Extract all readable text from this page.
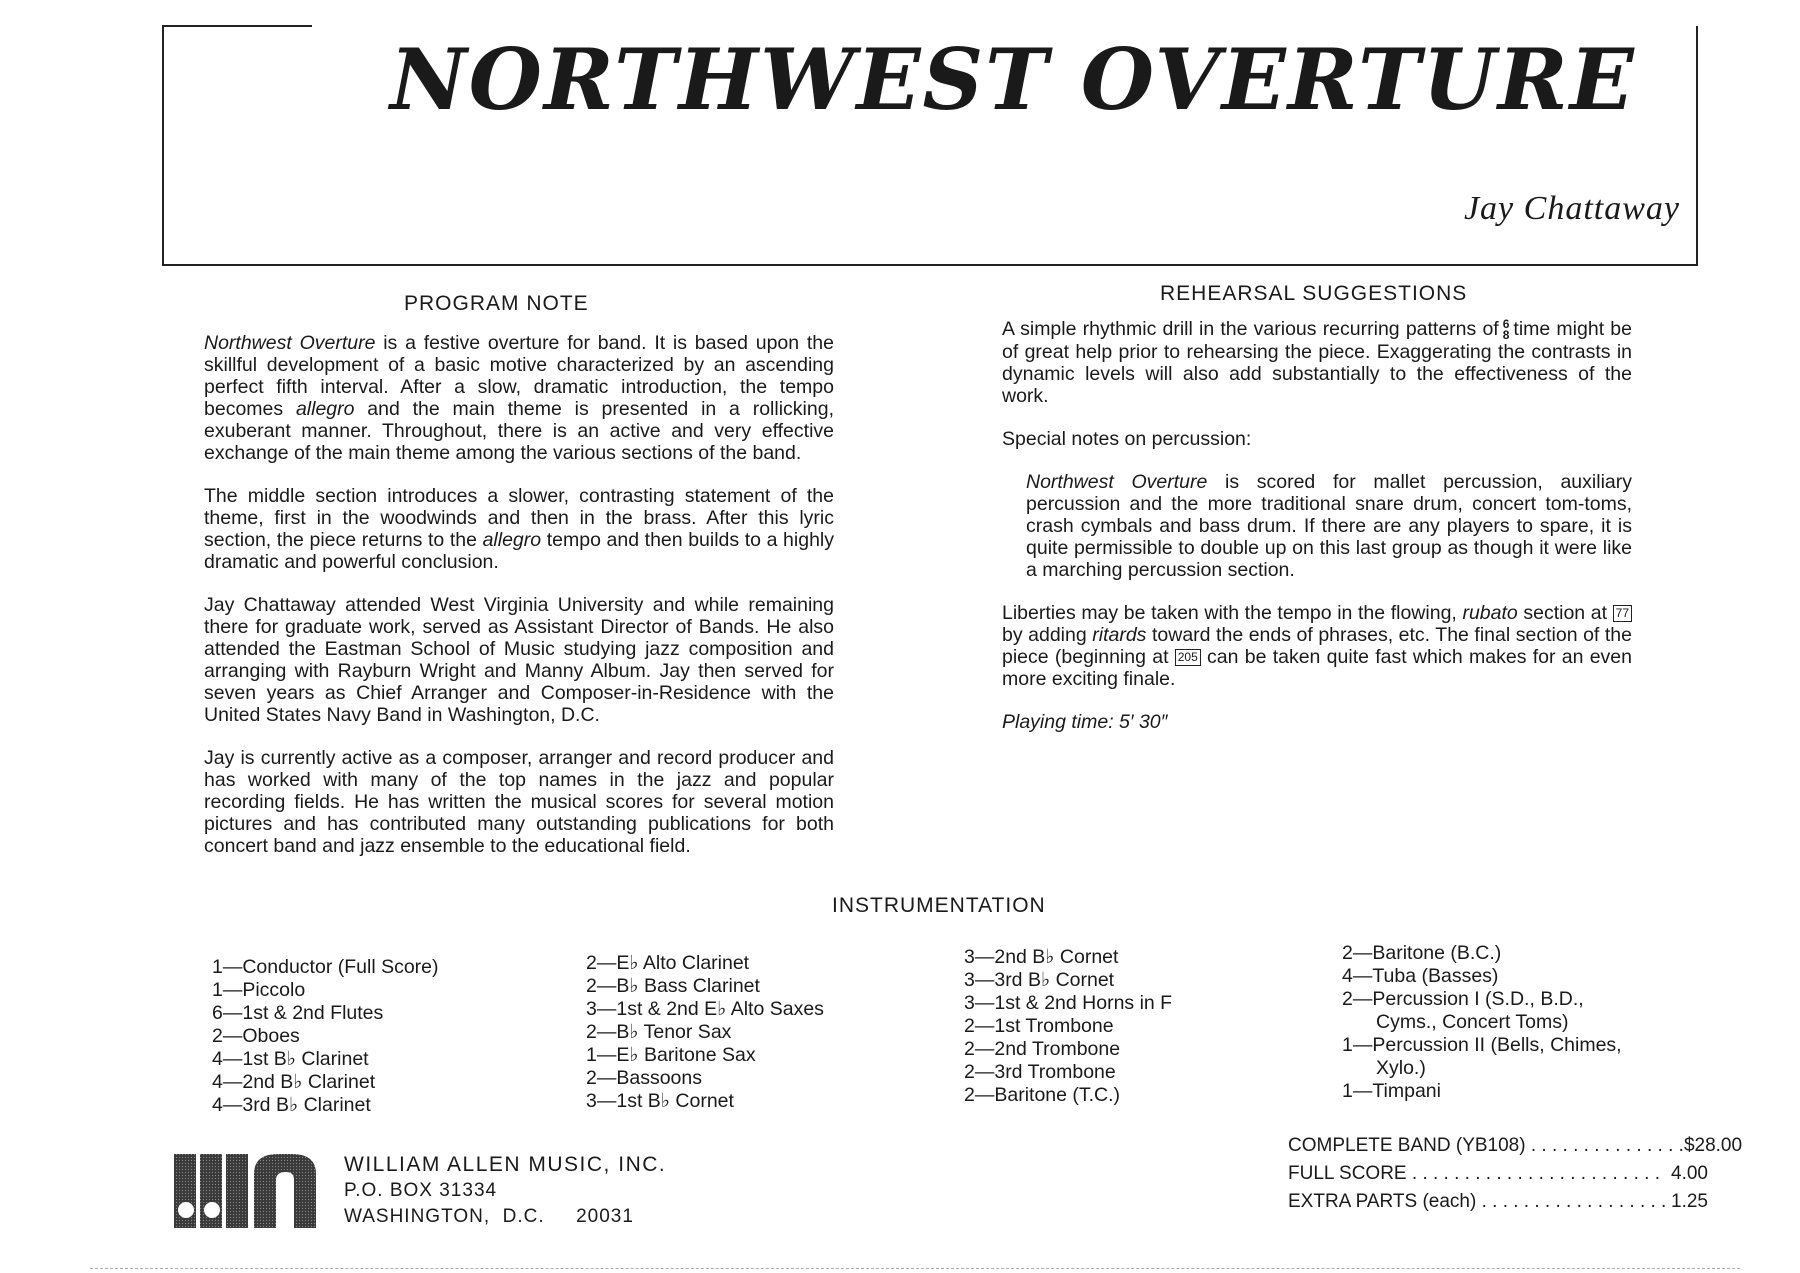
NORTHWEST OVERTURE
Jay Chattaway
PROGRAM NOTE

Northwest Overture is a festive overture for band. It is based upon the skillful development of a basic motive characterized by an ascending perfect fifth interval. After a slow, dramatic introduction, the tempo becomes allegro and the main theme is presented in a rollicking, exuberant manner. Throughout, there is an active and very effective exchange of the main theme among the various sections of the band.

The middle section introduces a slower, contrasting statement of the theme, first in the woodwinds and then in the brass. After this lyric section, the piece returns to the allegro tempo and then builds to a highly dramatic and powerful conclusion.

Jay Chattaway attended West Virginia University and while remaining there for graduate work, served as Assistant Director of Bands. He also attended the Eastman School of Music studying jazz composition and arranging with Rayburn Wright and Manny Album. Jay then served for seven years as Chief Arranger and Composer-in-Residence with the United States Navy Band in Washington, D.C.

Jay is currently active as a composer, arranger and record producer and has worked with many of the top names in the jazz and popular recording fields. He has written the musical scores for several motion pictures and has contributed many outstanding publications for both concert band and jazz ensemble to the educational field.

REHEARSAL SUGGESTIONS

A simple rhythmic drill in the various recurring patterns of 6
8 time might be of great help prior to rehearsing the piece. Exaggerating the contrasts in dynamic levels will also add substantially to the effectiveness of the work.

Special notes on percussion:

Northwest Overture is scored for mallet percussion, auxiliary percussion and the more traditional snare drum, concert tom-toms, crash cymbals and bass drum. If there are any players to spare, it is quite permissible to double up on this last group as though it were like a marching percussion section.

Liberties may be taken with the tempo in the flowing, rubato section at 77 by adding ritards toward the ends of phrases, etc. The final section of the piece (beginning at 205 can be taken quite fast which makes for an even more exciting finale.

Playing time: 5′ 30″

INSTRUMENTATION
1—Conductor (Full Score)
1—Piccolo
6—1st & 2nd Flutes
2—Oboes
4—1st B♭ Clarinet
4—2nd B♭ Clarinet
4—3rd B♭ Clarinet
2—E♭ Alto Clarinet
2—B♭ Bass Clarinet
3—1st & 2nd E♭ Alto Saxes
2—B♭ Tenor Sax
1—E♭ Baritone Sax
2—Bassoons
3—1st B♭ Cornet
3—2nd B♭ Cornet
3—3rd B♭ Cornet
3—1st & 2nd Horns in F
2—1st Trombone
2—2nd Trombone
2—3rd Trombone
2—Baritone (T.C.)
2—Baritone (B.C.)
4—Tuba (Basses)
2—Percussion I (S.D., B.D.,
Cyms., Concert Toms)
1—Percussion II (Bells, Chimes,
Xylo.)
1—Timpani
WILLIAM ALLEN MUSIC, INC.
P.O. BOX 31334
WASHINGTON,  D.C.     20031
COMPLETE BAND (YB108) . . . . . . . . . . . . . . . $28.00
FULL SCORE . . . . . . . . . . . . . . . . . . . . . . . . 4.00
EXTRA PARTS (each) . . . . . . . . . . . . . . . . . . 1.25
